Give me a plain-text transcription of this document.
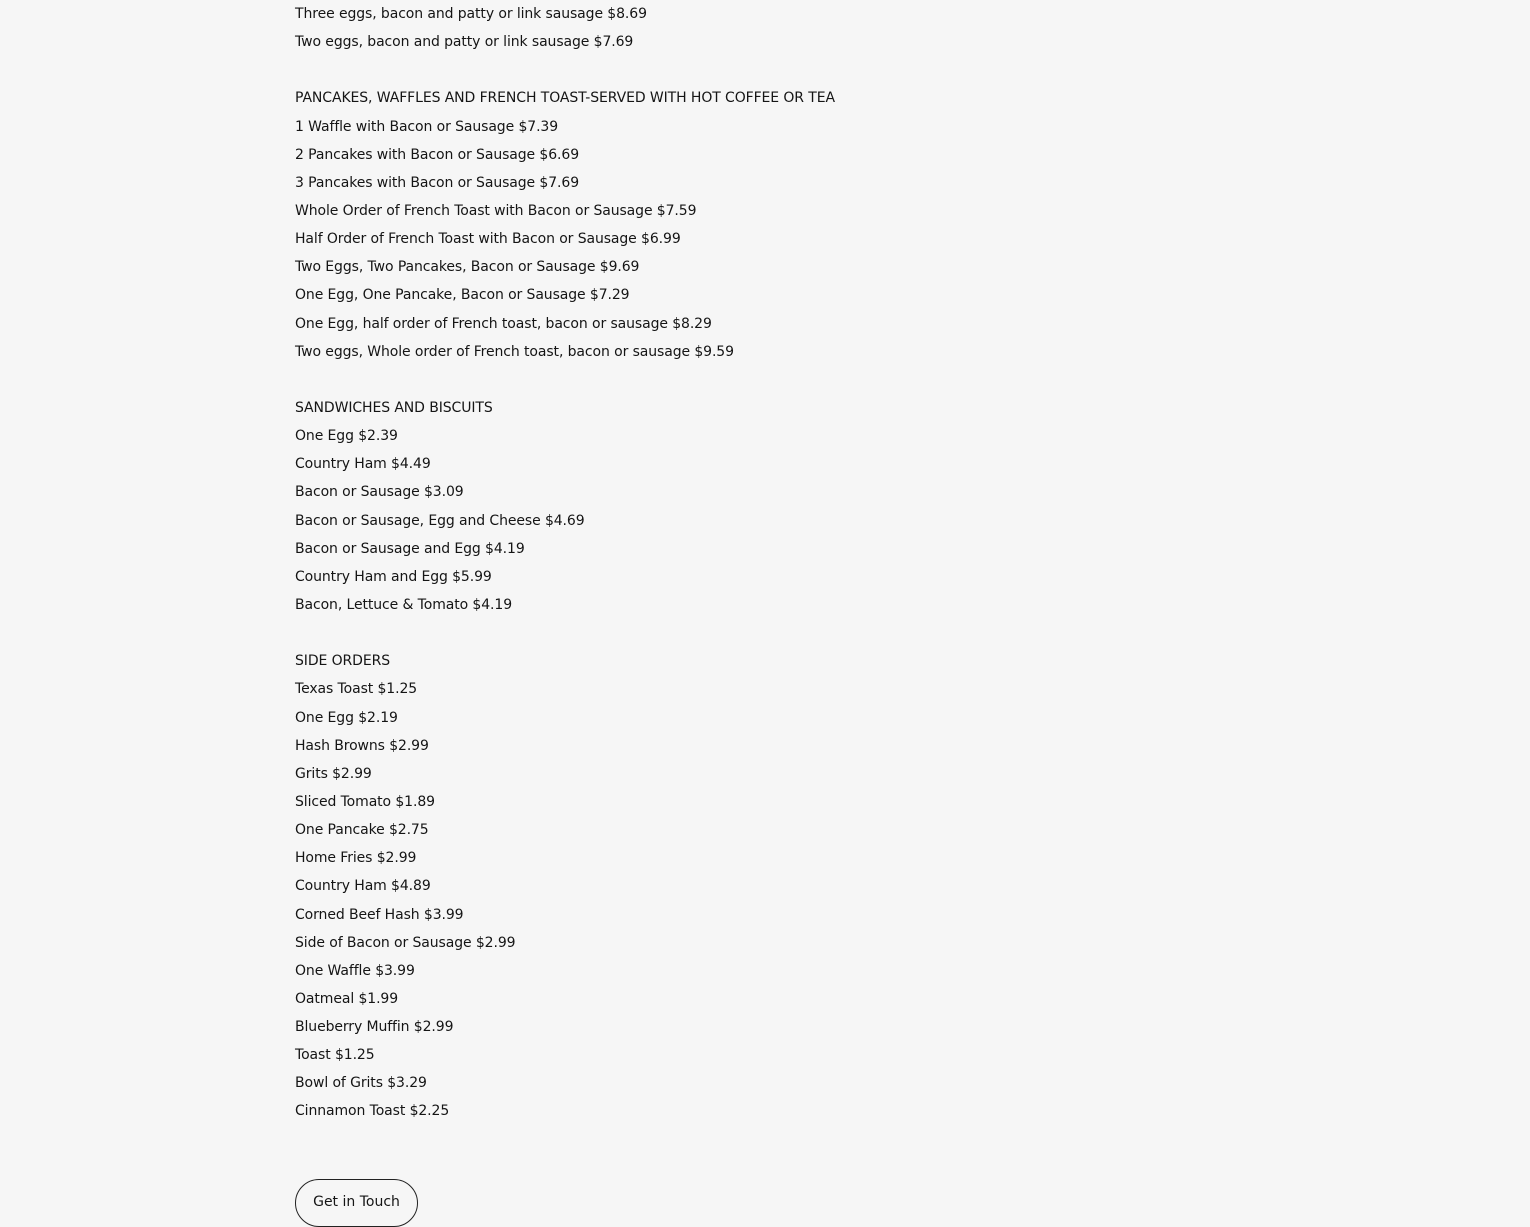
Three eggs, bacon and patty or link sausage $8.69
Two eggs, bacon and patty or link sausage $7.69
PANCAKES, WAFFLES AND FRENCH TOAST-SERVED WITH HOT COFFEE OR TEA
1 Waffle with Bacon or Sausage $7.39
2 Pancakes with Bacon or Sausage $6.69
3 Pancakes with Bacon or Sausage $7.69
Whole Order of French Toast with Bacon or Sausage $7.59
Half Order of French Toast with Bacon or Sausage $6.99
Two Eggs, Two Pancakes, Bacon or Sausage $9.69
One Egg, One Pancake, Bacon or Sausage $7.29
One Egg, half order of French toast, bacon or sausage $8.29
Two eggs, Whole order of French toast, bacon or sausage $9.59
SANDWICHES AND BISCUITS
One Egg $2.39
Country Ham $4.49
Bacon or Sausage $3.09
Bacon or Sausage, Egg and Cheese $4.69
Bacon or Sausage and Egg $4.19
Country Ham and Egg $5.99
Bacon, Lettuce & Tomato $4.19
SIDE ORDERS
Texas Toast $1.25
One Egg $2.19
Hash Browns $2.99
Grits $2.99
Sliced Tomato $1.89
One Pancake $2.75
Home Fries $2.99
Country Ham $4.89
Corned Beef Hash $3.99
Side of Bacon or Sausage $2.99
One Waffle $3.99
Oatmeal $1.99
Blueberry Muffin $2.99
Toast $1.25
Bowl of Grits $3.29
Cinnamon Toast $2.25
Get in Touch
